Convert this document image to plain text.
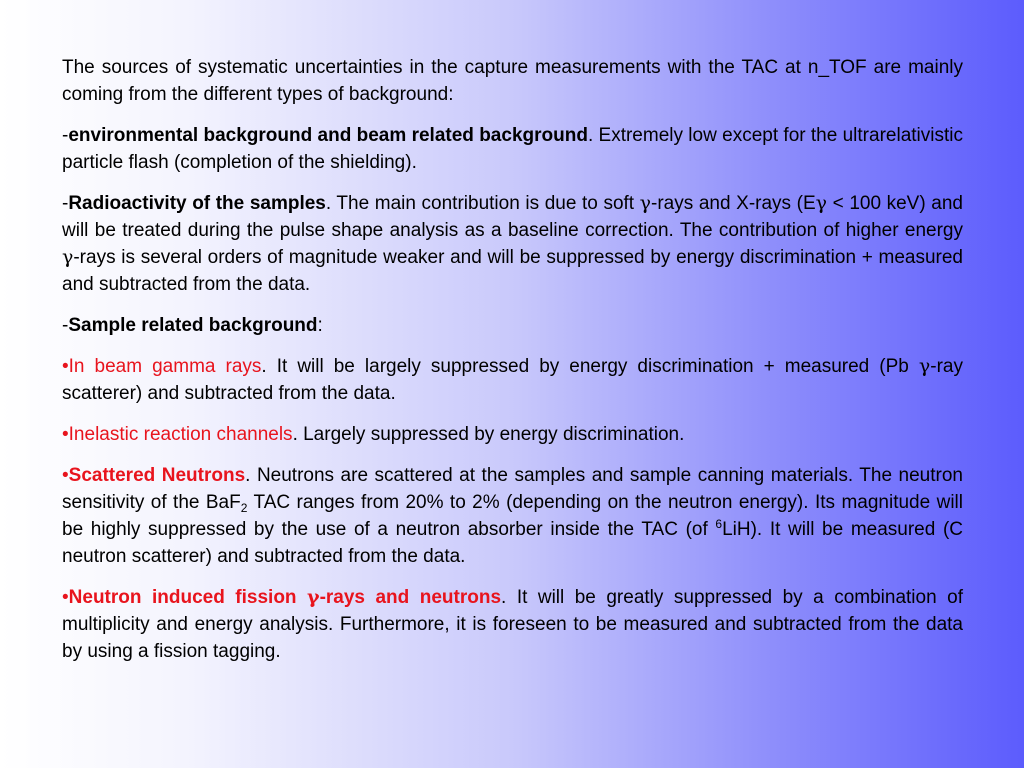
The sources of systematic uncertainties in the capture measurements with the TAC at n_TOF are mainly coming from the different types of background:

-environmental background and beam related background. Extremely low except for the ultrarelativistic particle flash (completion of the shielding).

-Radioactivity of the samples. The main contribution is due to soft γ-rays and X-rays (Eγ < 100 keV) and will be treated during the pulse shape analysis as a baseline correction. The contribution of higher energy γ-rays is several orders of magnitude weaker and will be suppressed by energy discrimination + measured and subtracted from the data.

-Sample related background:

•In beam gamma rays. It will be largely suppressed by energy discrimination + measured (Pb γ-ray scatterer) and subtracted from the data.

•Inelastic reaction channels. Largely suppressed by energy discrimination.

•Scattered Neutrons. Neutrons are scattered at the samples and sample canning materials. The neutron sensitivity of the BaF$_2$ TAC ranges from 20% to 2% (depending on the neutron energy). Its magnitude will be highly suppressed by the use of a neutron absorber inside the TAC (of $^6$LiH). It will be measured (C neutron scatterer) and subtracted from the data.

•Neutron induced fission γ-rays and neutrons. It will be greatly suppressed by a combination of multiplicity and energy analysis. Furthermore, it is foreseen to be measured and subtracted from the data by using a fission tagging.
